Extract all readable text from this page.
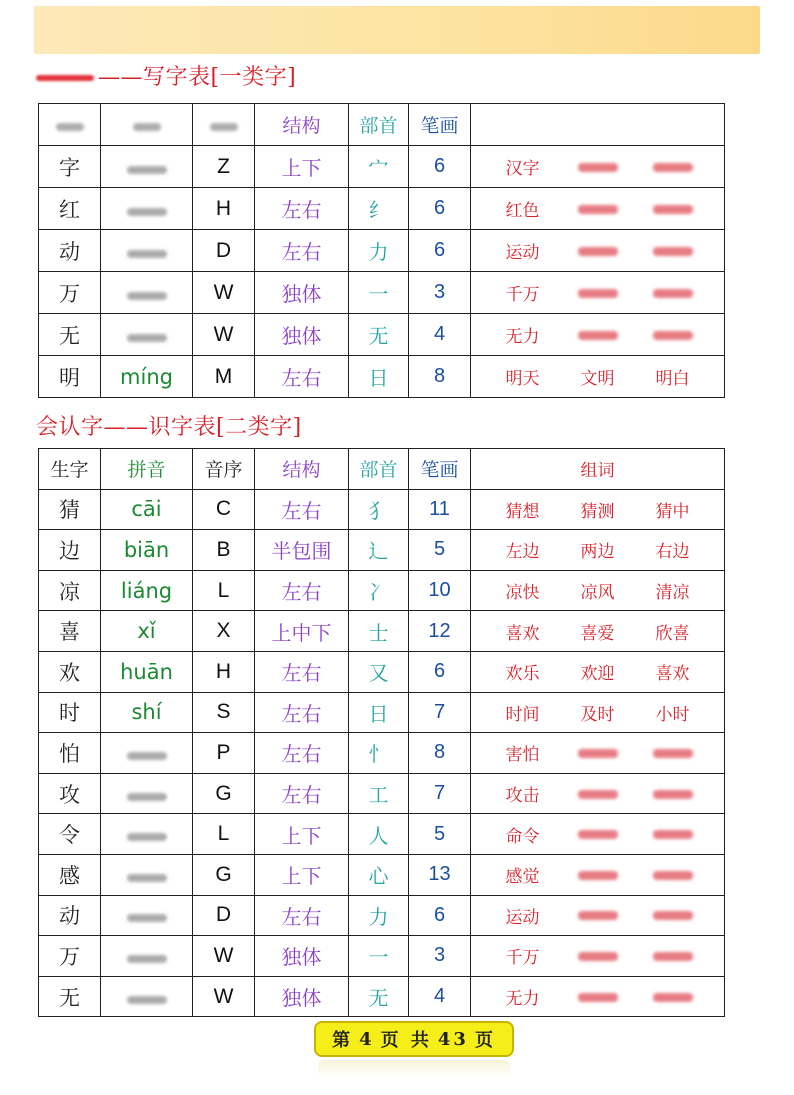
——写字表[一类字]
			结构	部首	笔画	
字		Z	上下	宀	6	汉字

红		H	左右	纟	6	红色

动		D	左右	力	6	运动

万		W	独体	一	3	千万

无		W	独体	无	4	无力

明	míng	M	左右	日	8	明天 文明 明白
会认字——识字表[二类字]
生字	拼音	音序	结构	部首	笔画	组词
猜	cāi	C	左右	犭	11	猜想 猜测 猜中

边	biān	B	半包围	辶	5	左边 两边 右边

凉	liáng	L	左右	冫	10	凉快 凉风 清凉

喜	xǐ	X	上中下	士	12	喜欢 喜爱 欣喜

欢	huān	H	左右	又	6	欢乐 欢迎 喜欢

时	shí	S	左右	日	7	时间 及时 小时

怕		P	左右	忄	8	害怕

攻		G	左右	工	7	攻击

令		L	上下	人	5	命令

感		G	上下	心	13	感觉

动		D	左右	力	6	运动

万		W	独体	一	3	千万

无		W	独体	无	4	无力
第 4 页 共 43 页
